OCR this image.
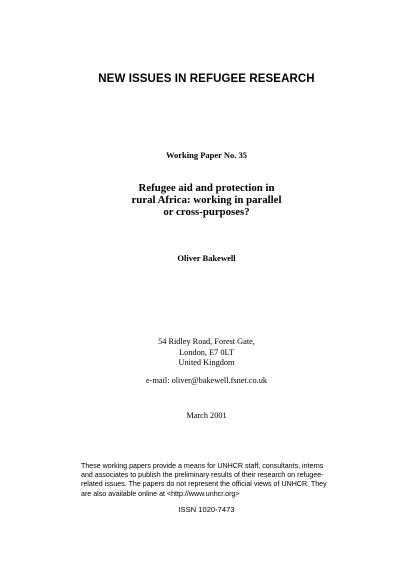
NEW ISSUES IN REFUGEE RESEARCH
Working Paper No. 35
Refugee aid and protection in
rural Africa: working in parallel
or cross-purposes?
Oliver Bakewell
54 Ridley Road, Forest Gate,
London, E7 0LT
United Kingdom
e-mail: oliver@bakewell.fsnet.co.uk
March 2001
These working papers provide a means for UNHCR staff, consultants, interns
and associates to publish the preliminary results of their research on refugee-
related issues. The papers do not represent the official views of UNHCR. They
are also available online at <http://www.unhcr.org>
ISSN 1020-7473
